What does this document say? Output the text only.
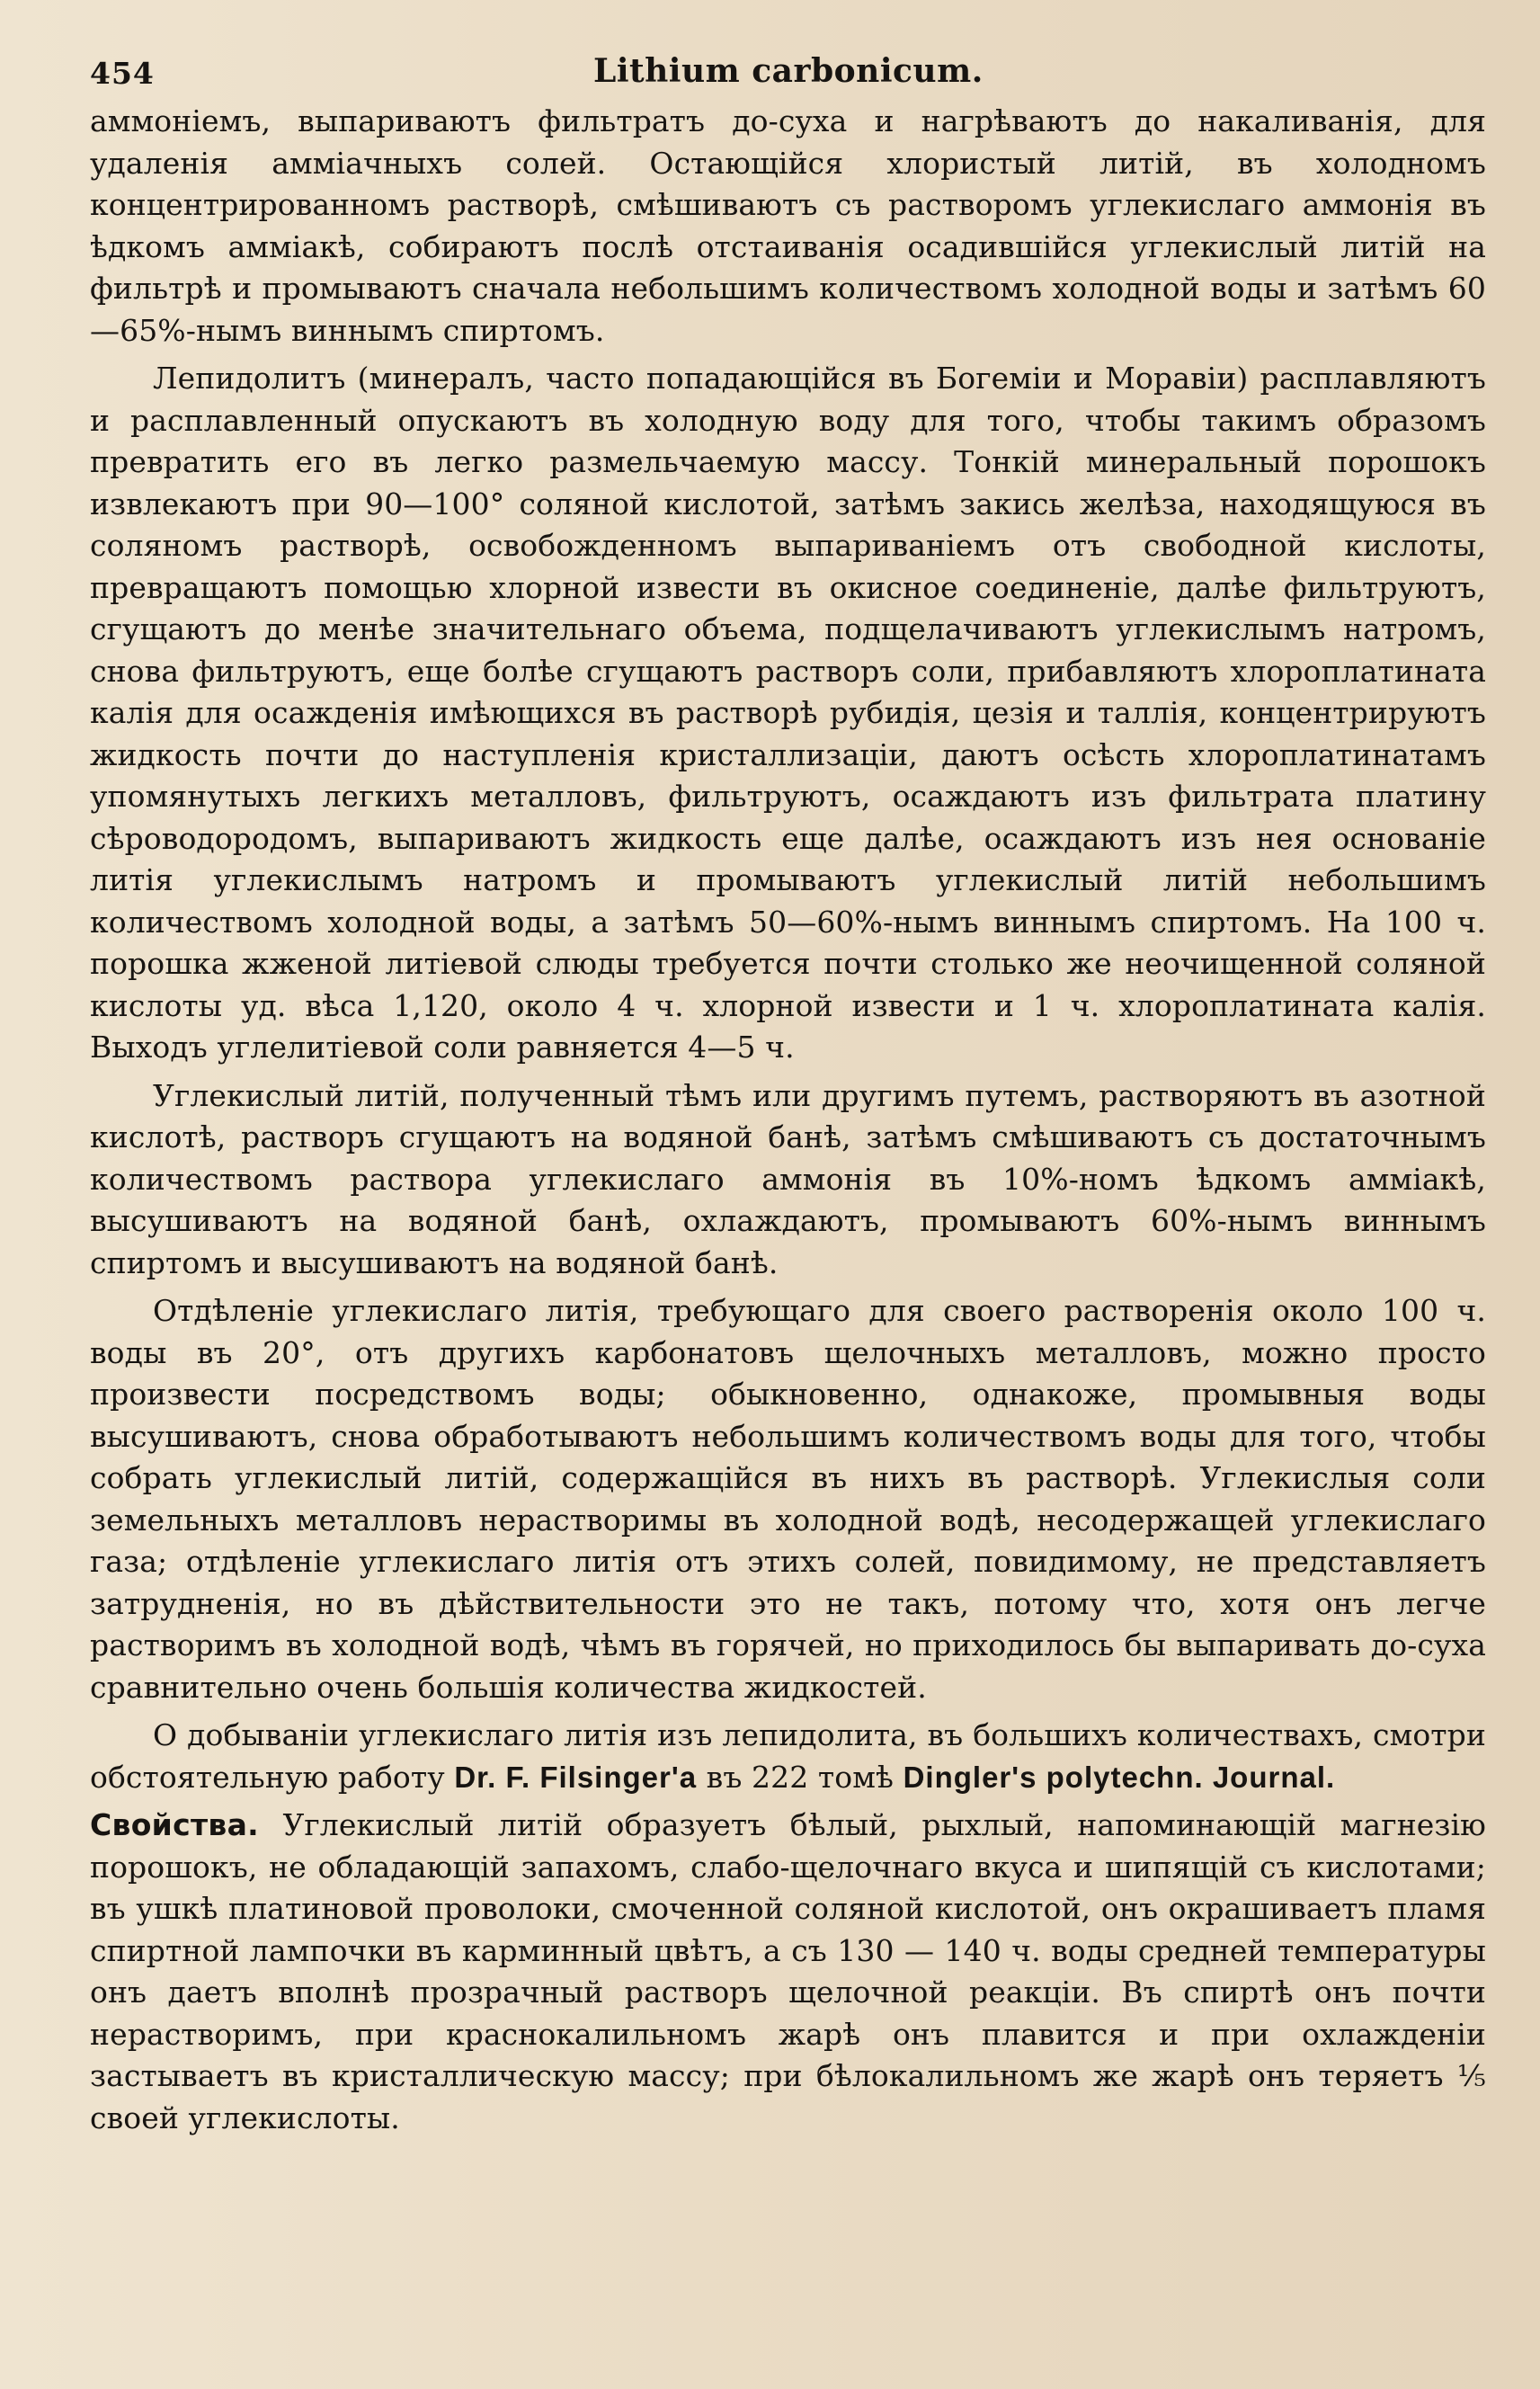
454	Lithium carbonicum.

аммоніемъ, выпариваютъ фильтратъ до-суха и нагрѣваютъ до накаливанія, для удаленія амміачныхъ солей. Остающійся хлористый литій, въ холодномъ концентрированномъ растворѣ, смѣшиваютъ съ растворомъ углекислаго аммонія въ ѣдкомъ амміакѣ, собираютъ послѣ отстаиванія осадившійся углекислый литій на фильтрѣ и промываютъ сначала небольшимъ количествомъ холодной воды и затѣмъ 60—65%-нымъ виннымъ спиртомъ.

Лепидолитъ (минералъ, часто попадающійся въ Богеміи и Моравіи) расплавляютъ и расплавленный опускаютъ въ холодную воду для того, чтобы такимъ образомъ превратить его въ легко размельчаемую массу. Тонкій минеральный порошокъ извлекаютъ при 90—100° соляной кислотой, затѣмъ закись желѣза, находящуюся въ соляномъ растворѣ, освобожденномъ выпариваніемъ отъ свободной кислоты, превращаютъ помощью хлорной извести въ окисное соединеніе, далѣе фильтруютъ, сгущаютъ до менѣе значительнаго объема, подщелачиваютъ углекислымъ натромъ, снова фильтруютъ, еще болѣе сгущаютъ растворъ соли, прибавляютъ хлороплатината калія для осажденія имѣющихся въ растворѣ рубидія, цезія и таллія, концентрируютъ жидкость почти до наступленія кристаллизаціи, даютъ осѣсть хлороплатинатамъ упомянутыхъ легкихъ металловъ, фильтруютъ, осаждаютъ изъ фильтрата платину сѣроводородомъ, выпариваютъ жидкость еще далѣе, осаждаютъ изъ нея основаніе литія углекислымъ натромъ и промываютъ углекислый литій небольшимъ количествомъ холодной воды, а затѣмъ 50—60%-нымъ виннымъ спиртомъ. На 100 ч. порошка жженой литіевой слюды требуется почти столько же неочищенной соляной кислоты уд. вѣса 1,120, около 4 ч. хлорной извести и 1 ч. хлороплатината калія. Выходъ углелитіевой соли равняется 4—5 ч.

Углекислый литій, полученный тѣмъ или другимъ путемъ, растворяютъ въ азотной кислотѣ, растворъ сгущаютъ на водяной банѣ, затѣмъ смѣшиваютъ съ достаточнымъ количествомъ раствора углекислаго аммонія въ 10%-номъ ѣдкомъ амміакѣ, высушиваютъ на водяной банѣ, охлаждаютъ, промываютъ 60%-нымъ виннымъ спиртомъ и высушиваютъ на водяной банѣ.

Отдѣленіе углекислаго литія, требующаго для своего растворенія около 100 ч. воды въ 20°, отъ другихъ карбонатовъ щелочныхъ металловъ, можно просто произвести посредствомъ воды; обыкновенно, однакоже, промывныя воды высушиваютъ, снова обработываютъ небольшимъ количествомъ воды для того, чтобы собрать углекислый литій, содержащійся въ нихъ въ растворѣ. Углекислыя соли земельныхъ металловъ нерастворимы въ холодной водѣ, несодержащей углекислаго газа; отдѣленіе углекислаго литія отъ этихъ солей, повидимому, не представляетъ затрудненія, но въ дѣйствительности это не такъ, потому что, хотя онъ легче растворимъ въ холодной водѣ, чѣмъ въ горячей, но приходилось бы выпаривать до-суха сравнительно очень большія количества жидкостей.

О добываніи углекислаго литія изъ лепидолита, въ большихъ количествахъ, смотри обстоятельную работу Dr. F. Filsinger'а въ 222 томѣ Dingler's polytechn. Journal.

Свойства. Углекислый литій образуетъ бѣлый, рыхлый, напоминающій магнезію порошокъ, не обладающій запахомъ, слабо-щелочнаго вкуса и шипящій съ кислотами; въ ушкѣ платиновой проволоки, смоченной соляной кислотой, онъ окрашиваетъ пламя спиртной лампочки въ карминный цвѣтъ, а съ 130 — 140 ч. воды средней температуры онъ даетъ вполнѣ прозрачный растворъ щелочной реакціи. Въ спиртѣ онъ почти нерастворимъ, при краснокалильномъ жарѣ онъ плавится и при охлажденіи застываетъ въ кристаллическую массу; при бѣлокалильномъ же жарѣ онъ теряетъ ⅕ своей углекислоты.
